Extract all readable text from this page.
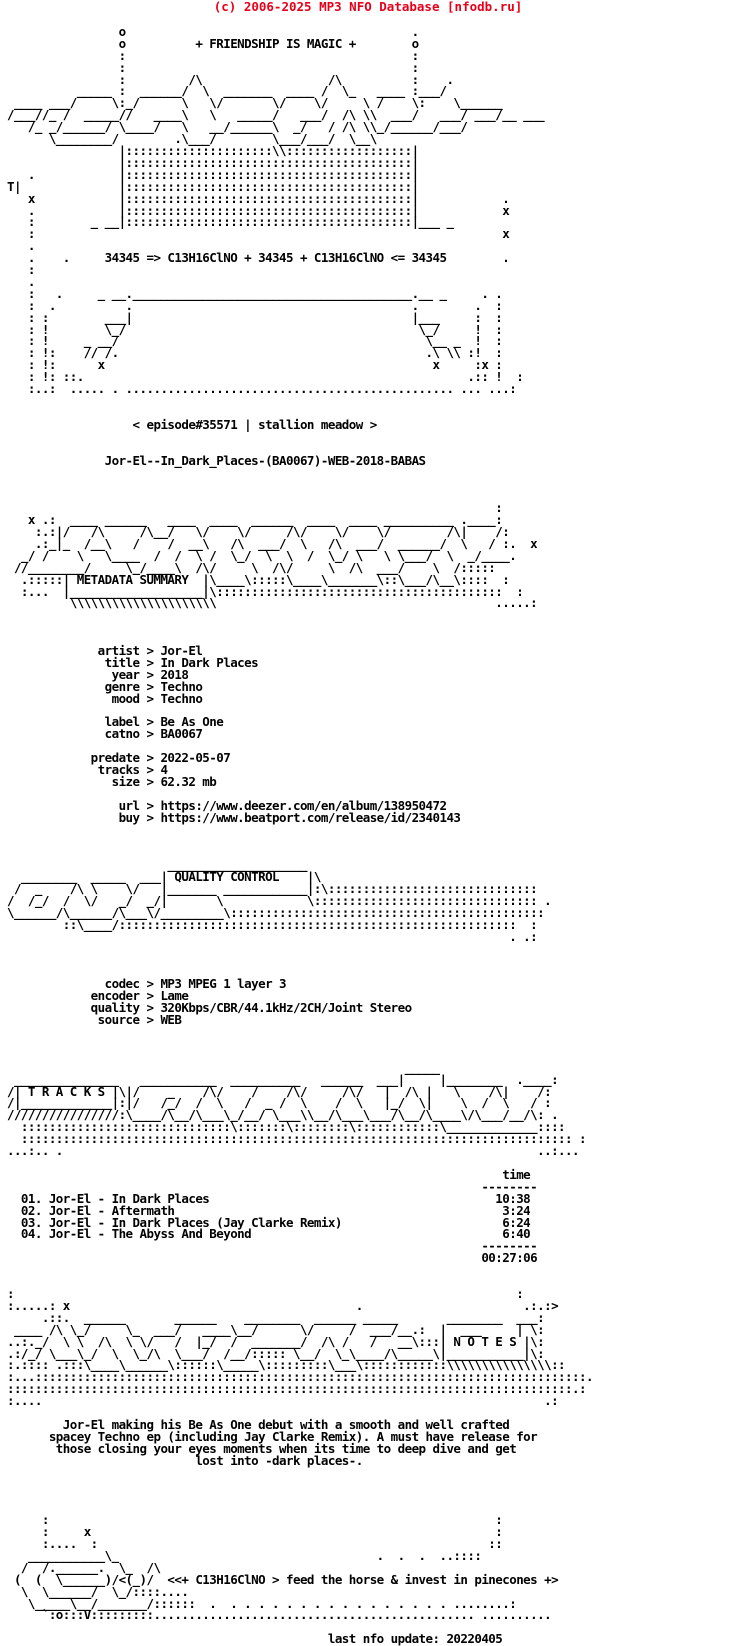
(c) 2006-2025 MP3 NFO Database [nfodb.ru]

o                                         .
o          + FRIENDSHIP IS MAGIC +        o
:                                         :
:                                         :
:         /\                  /\          :    .
_____ :  ______/  \  _______  ____ /  \_   ____ :___/
____ ___/     \:_/      \   \/       \/    \/     \ /    \:    \______
/___//_ /  _____//   ____\   \   _____/   ___/  /\ \\  ___/   ___/ ___/__ ___
/_ _/______/ \____/   \   __/______\  _/   / /\ \\_/______/___/
\________/        .\___/        \___/___/  \__\
|:::::::::::::::::::::\\::::::::::::::::::|
|:::::::::::::::::::::::::::::::::::::::::|
.            |:::::::::::::::::::::::::::::::::::::::::|
T|              |:::::::::::::::::::::::::::::::::::::::::|
x            |:::::::::::::::::::::::::::::::::::::::::|            .
.            |:::::::::::::::::::::::::::::::::::::::::|            x
:        _ __|:::::::::::::::::::::::::::::::::::::::::|___ _
:                                                                   x
.
.    .     34345 => C13H16ClNO + 34345 + C13H16ClNO <= 34345        .
:
.
:   .     _ __.________________________________________.__ _     . .
:  .          .                                        .        .  :
: :        ___|                                        |___     :  :
: !        \_/                                          \_/     !  :
: !     _ __/                                            \__ _  !  :
: !:    // /.                                            .\ \\ :!  :
: !:      x                                               x     :x :
: !: ::.                                                       .:: !  :
:..:  ..... . ............................................... ... ...:

< episode#35571 | stallion meadow >

Jor-El--In_Dark_Places-(BA0067)-WEB-2018-BABAS

:
x .:  ____ ______   ____  ____  ______  ____  ____ __________ .____:
:.:|/   /\     /\__/   \/    \/     /\/    \/    \/        /\|    /:
.:_|_  /__\   /    /  __\   /\  ___/  \   /\  ___/  ______/  \   / :.  x
_/ /    \   \____  /  /  \ /  \_/  \  \  /  \_/ \   \ \___/  \  _/____.
//________/     \_/____\  /\/     \  /\/     \  /\  ___/    \  /:::::
.:::::| METADATA SUMMARY  |\____\:::::\____\_______\::\___/\__\::::  :
:...  |___________________|\:::::::::::::::::::::::::::::::::::::::::  :
\\\\\\\\\\\\\\\\\\\\\                                        .....:

artist > Jor-El
title > In Dark Places
year > 2018
genre > Techno
mood > Techno

label > Be As One
catno > BA0067

predate > 2022-05-07
tracks > 4
size > 62.32 mb

url > https://www.deezer.com/en/album/138950472
buy > https://www.beatport.com/release/id/2340143

____________________
________  _____  ___| QUALITY CONTROL    |\
/  _    /\ \    \/   |_______ ____________|:\::::::::::::::::::::::::::::::
/  /_/  /  \/   _/  _/|       \            \:::::::::::::::::::::::::::::::: .
\______/\______/\___\/_________\:::::::::::::::::::::::::::::::::::::::::::::
::\____/:::::::::::::::::::::::::::::::::::::::::::::::::::::::::  :
. .:

codec > MP3 MPEG 1 layer 3
encoder > Lame
quality > 320Kbps/CBR/44.1kHz/2CH/Joint Stereo
source > WEB

_____
_______________   ___________  __________   ______  ___|     |________  .____:
/| T R A C K S |\|/    _    /\/    /    /\/     /\/   |  /\ |   \    /\|    /:
/|_____________|:|/   /_/  /  \   /  _ /  \    /  \   |_/  \|    \  /  \   / :
////////////////:\____/\__/\___\_/__/ \___\\__/\___\___/\__/\____\/\___/__/\: .
::::::::::::::::::::::::::::::\:::::::\::::::::\::::::::::::\_____________::::
::::::::::::::::::::::::::::::::::::::::::::::::::::::::::::::::::::::::::::::: :
...:.. .                                                                    ..:...

time
--------
01. Jor-El - In Dark Places                                         10:38
02. Jor-El - Aftermath                                               3:24
03. Jor-El - In Dark Places (Jay Clarke Remix)                       6:24
04. Jor-El - The Abyss And Beyond                                    6:40
--------
00:27:06

:                                                                        :
:.....: x                                         .                       .:.:>
.::.  ______       ______    ________  ______ _____       ________  ___:
____ /\ \_/     \_  ___/   ____\__/      \/     /  ___/__.:  |  ___     | \:
..:._/  \ \  /\  \ \/   /  |_/  /  _______/  /\ /   /   __\:::| N O T E S |\:
.:/_/ \___\_/  \  \_/\  \___/  /__/::::: \__/  \_\____/\_____\|___________|\:
:.:::: .:::\____\______\::::::\_____\:::::::::\___\::::::::::::\\\\\\\\\\\\\\\::
:...:::::::::::::::::::::::::::::::::::::::::::::::::::::::::::::::::::::::::::::::.
:::::::::::::::::::::::::::::::::::::::::::::::::::::::::::::::::::::::::::::::::.:
:....                                                                        .:

Jor-El making his Be As One debut with a smooth and well crafted
spacey Techno ep (including Jay Clarke Remix). A must have release for
those closing your eyes moments when its time to deep dive and get
lost into -dark places-.

:                                                                :
:     x                                                          :
:....  :                                                        ::
___________\_                                     .  .  .  ..::::
/  /.______.  \_  /\
(  (  \______)/<(_)/  <<+ C13H16ClNO > feed the horse & invest in pinecones +>
\  \______/  \_/::::....
\_____\__/_______/::::::  .  . . . . . . . . . . . . . . . . ........:
`:o:::V:::::::::.............................................. ..........

last nfo update: 20220405
